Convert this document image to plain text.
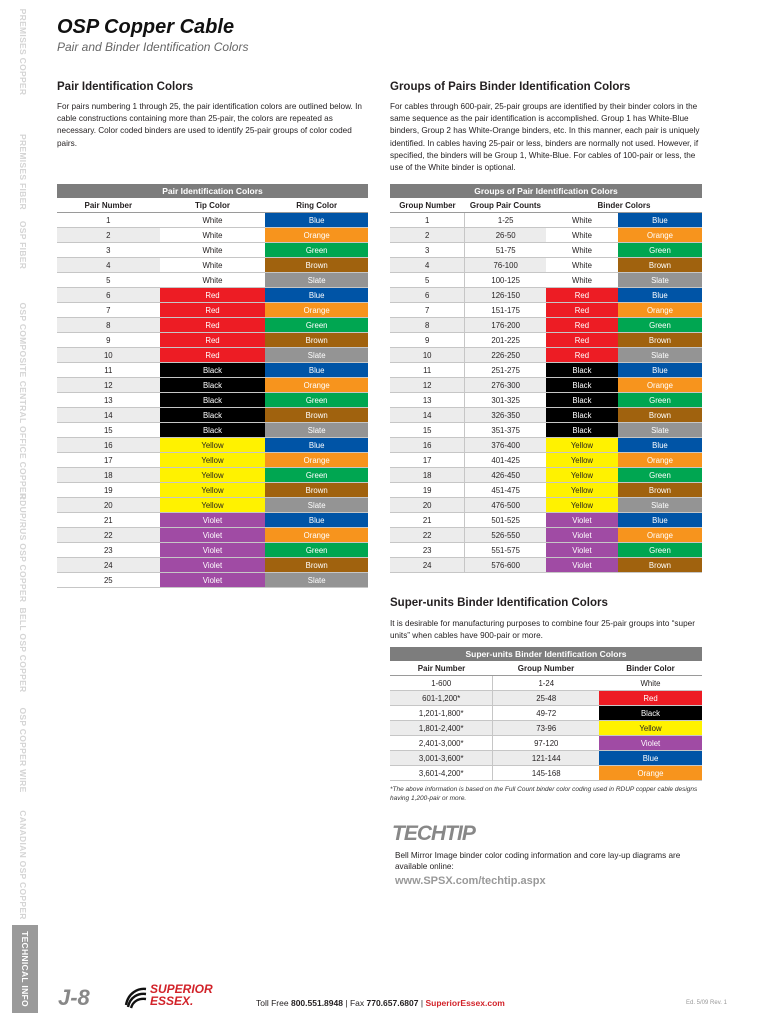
PREMISES COPPER
PREMISES FIBER
OSP FIBER
OSP COMPOSITE
CENTRAL OFFICE COPPER
RDUP/RUS OSP COPPER
BELL OSP COPPER
OSP COPPER WIRE
CANADIAN OSP COPPER
TECHNICAL INFO
OSP Copper Cable
Pair and Binder Identification Colors
Pair Identification Colors
For pairs numbering 1 through 25, the pair identification colors are outlined below. In cable constructions containing more than 25-pair, the colors are repeated as necessary. Color coded binders are used to identify 25-pair groups of color coded pairs.
Pair Identification Colors		
Pair Number	Tip Color	Ring Color
1	White	Blue
2	White	Orange
3	White	Green
4	White	Brown
5	White	Slate
6	Red	Blue
7	Red	Orange
8	Red	Green
9	Red	Brown
10	Red	Slate
11	Black	Blue
12	Black	Orange
13	Black	Green
14	Black	Brown
15	Black	Slate
16	Yellow	Blue
17	Yellow	Orange
18	Yellow	Green
19	Yellow	Brown
20	Yellow	Slate
21	Violet	Blue
22	Violet	Orange
23	Violet	Green
24	Violet	Brown
25	Violet	Slate
Groups of Pairs Binder Identification Colors
For cables through 600-pair, 25-pair groups are identified by their binder colors in the same sequence as the pair identification is accomplished. Group 1 has White-Blue binders, Group 2 has White-Orange binders, etc. In this manner, each pair is uniquely identified. In cables having 25-pair or less, binders are normally not used. However, if specified, the binders will be Group 1, White-Blue. For cables of 100-pair or less, the use of the White binder is optional.
Groups of Pair Identification Colors			
Group Number	Group Pair Counts	Binder Colors	
1	1-25	White	Blue
2	26-50	White	Orange
3	51-75	White	Green
4	76-100	White	Brown
5	100-125	White	Slate
6	126-150	Red	Blue
7	151-175	Red	Orange
8	176-200	Red	Green
9	201-225	Red	Brown
10	226-250	Red	Slate
11	251-275	Black	Blue
12	276-300	Black	Orange
13	301-325	Black	Green
14	326-350	Black	Brown
15	351-375	Black	Slate
16	376-400	Yellow	Blue
17	401-425	Yellow	Orange
18	426-450	Yellow	Green
19	451-475	Yellow	Brown
20	476-500	Yellow	Slate
21	501-525	Violet	Blue
22	526-550	Violet	Orange
23	551-575	Violet	Green
24	576-600	Violet	Brown
Super-units Binder Identification Colors
It is desirable for manufacturing purposes to combine four 25-pair groups into “super units” when cables have 900-pair or more.
Super-units Binder Identification Colors		
Pair Number	Group Number	Binder Color
1-600	1-24	White
601-1,200*	25-48	Red
1,201-1,800*	49-72	Black
1,801-2,400*	73-96	Yellow
2,401-3,000*	97-120	Violet
3,001-3,600*	121-144	Blue
3,601-4,200*	145-168	Orange
*The above information is based on the Full Count binder color coding used in RDUP copper cable designs having 1,200-pair or more.
TECHTIP
Bell Mirror Image binder color coding information and core lay-up diagrams are available online:
www.SPSX.com/techtip.aspx
J-8	SUPERIOR
ESSEX.	Toll Free 800.551.8948 | Fax 770.657.6807 | SuperiorEssex.com	Ed. 5/09 Rev. 1
